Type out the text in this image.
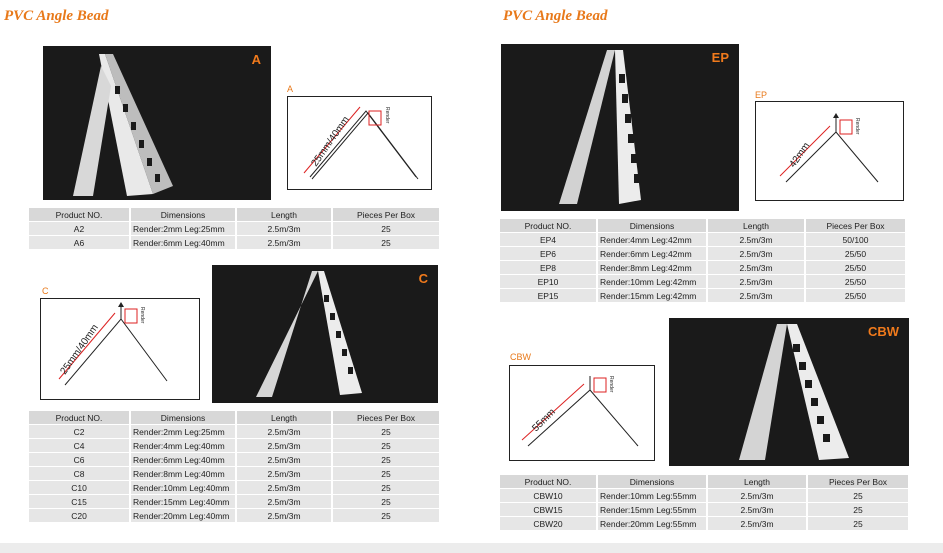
PVC Angle Bead	PVC Angle Bead
A
A
Render
25mm/40mm
Product NO.	Dimensions	Length	Pieces Per Box
A2	Render:2mm Leg:25mm	2.5m/3m	25
A6	Render:6mm Leg:40mm	2.5m/3m	25
C
Render
25mm/40mm
C
Product NO.	Dimensions	Length	Pieces Per Box
C2	Render:2mm Leg:25mm	2.5m/3m	25
C4	Render:4mm Leg:40mm	2.5m/3m	25
C6	Render:6mm Leg:40mm	2.5m/3m	25
C8	Render:8mm Leg:40mm	2.5m/3m	25
C10	Render:10mm Leg:40mm	2.5m/3m	25
C15	Render:15mm Leg:40mm	2.5m/3m	25
C20	Render:20mm Leg:40mm	2.5m/3m	25
EP
EP
Render
42mm
Product NO.	Dimensions	Length	Pieces Per Box
EP4	Render:4mm Leg:42mm	2.5m/3m	50/100
EP6	Render:6mm Leg:42mm	2.5m/3m	25/50
EP8	Render:8mm Leg:42mm	2.5m/3m	25/50
EP10	Render:10mm Leg:42mm	2.5m/3m	25/50
EP15	Render:15mm Leg:42mm	2.5m/3m	25/50
CBW
Render
55mm
CBW
Product NO.	Dimensions	Length	Pieces Per Box
CBW10	Render:10mm Leg:55mm	2.5m/3m	25
CBW15	Render:15mm Leg:55mm	2.5m/3m	25
CBW20	Render:20mm Leg:55mm	2.5m/3m	25
